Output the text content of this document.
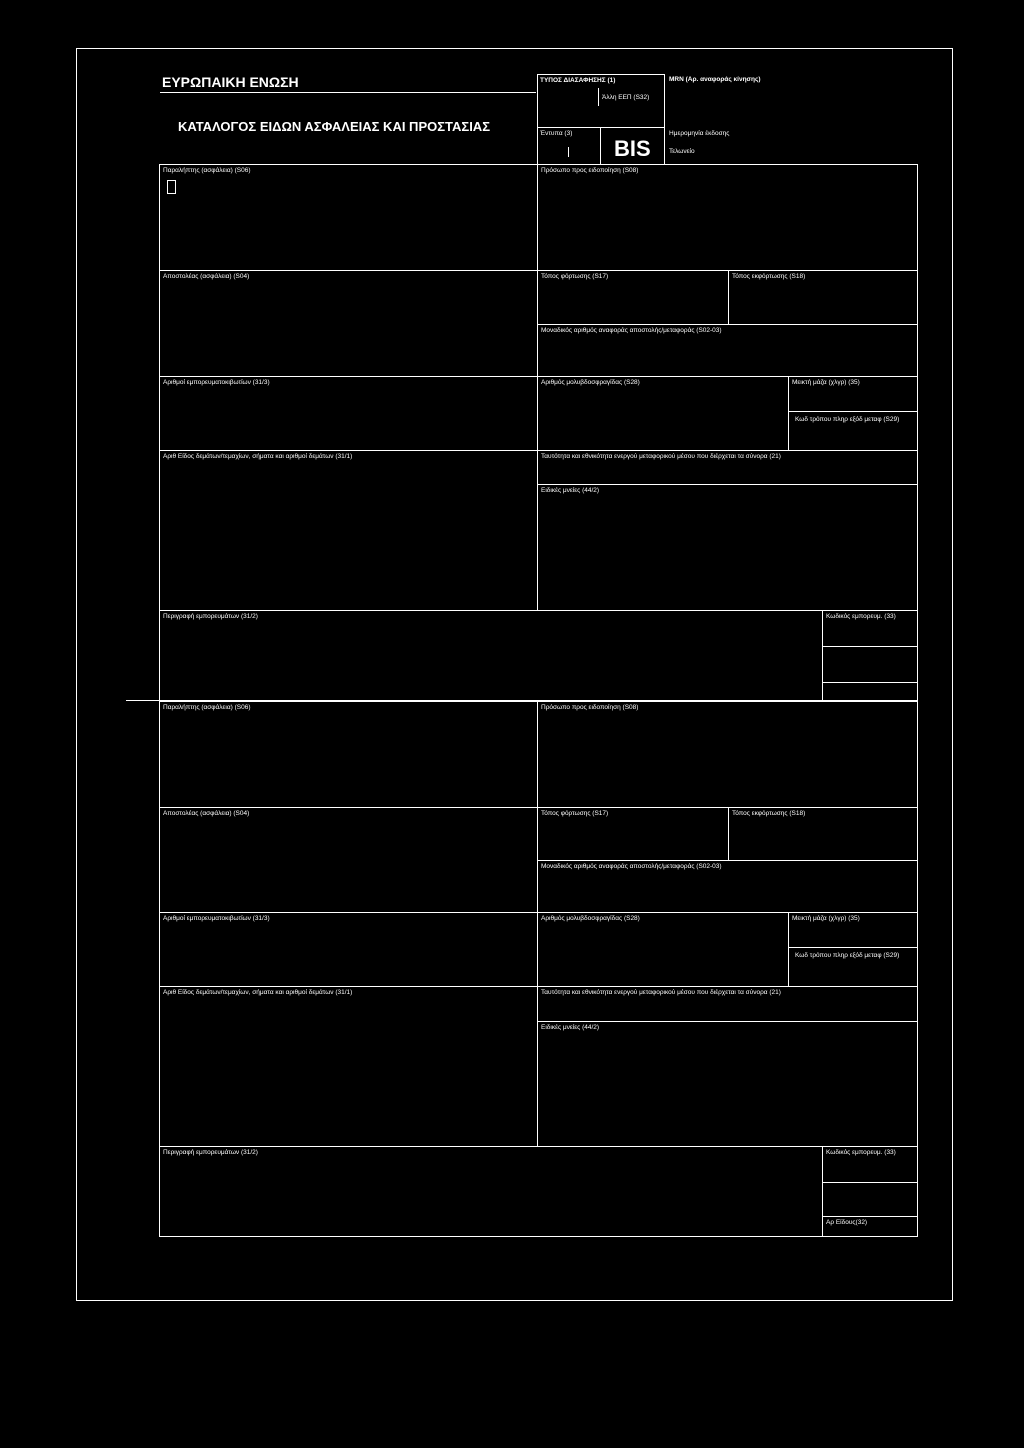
ΕΥΡΩΠΑΙΚΗ ΕΝΩΣΗ
ΚΑΤΑΛΟΓΟΣ ΕΙΔΩΝ ΑΣΦΑΛΕΙΑΣ ΚΑΙ ΠΡΟΣΤΑΣΙΑΣ
ΤΥΠΟΣ ΔΙΑΣΑΦΗΣΗΣ (1)
Άλλη ΕΕΠ (S32)
Έντυπα (3)
BIS
MRN (Αρ. αναφοράς κίνησης)
Ημερομηνία έκδοσης
Τελωνείο
Παραλήπτης (ασφάλεια) (S06)	Πρόσωπο προς ειδοποίηση (S08)
Αποστολέας (ασφάλεια) (S04)	Τόπος φόρτωσης (S17)	Τόπος εκφόρτωσης (S18)
Μοναδικός αριθμός αναφοράς αποστολής/μεταφοράς (S02-03)
Αριθμοί εμπορευματοκιβωτίων (31/3)	Αριθμός μολυβδοσφραγίδας (S28)	Μεικτή μάζα (χλγρ) (35)
Κωδ τρόπου πληρ εξόδ μεταφ (S29)
Αριθ Είδος δεμάτων/τεμαχίων, σήματα και αριθμοί δεμάτων (31/1)	Ταυτότητα και εθνικότητα ενεργού μεταφορικού μέσου που διέρχεται τα σύνορα (21)
Ειδικές μνείες (44/2)
Περιγραφή εμπορευμάτων (31/2)	Κωδικός εμπορευμ. (33)
Παραλήπτης (ασφάλεια) (S06)	Πρόσωπο προς ειδοποίηση (S08)
Αποστολέας (ασφάλεια) (S04)	Τόπος φόρτωσης (S17)	Τόπος εκφόρτωσης (S18)
Μοναδικός αριθμός αναφοράς αποστολής/μεταφοράς (S02-03)
Αριθμοί εμπορευματοκιβωτίων (31/3)	Αριθμός μολυβδοσφραγίδας (S28)	Μεικτή μάζα (χλγρ) (35)
Κωδ τρόπου πληρ εξόδ μεταφ (S29)
Αριθ Είδος δεμάτων/τεμαχίων, σήματα και αριθμοί δεμάτων (31/1)	Ταυτότητα και εθνικότητα ενεργού μεταφορικού μέσου που διέρχεται τα σύνορα (21)
Ειδικές μνείες (44/2)
Περιγραφή εμπορευμάτων (31/2)	Κωδικός εμπορευμ. (33)
Αρ Είδους(32)
